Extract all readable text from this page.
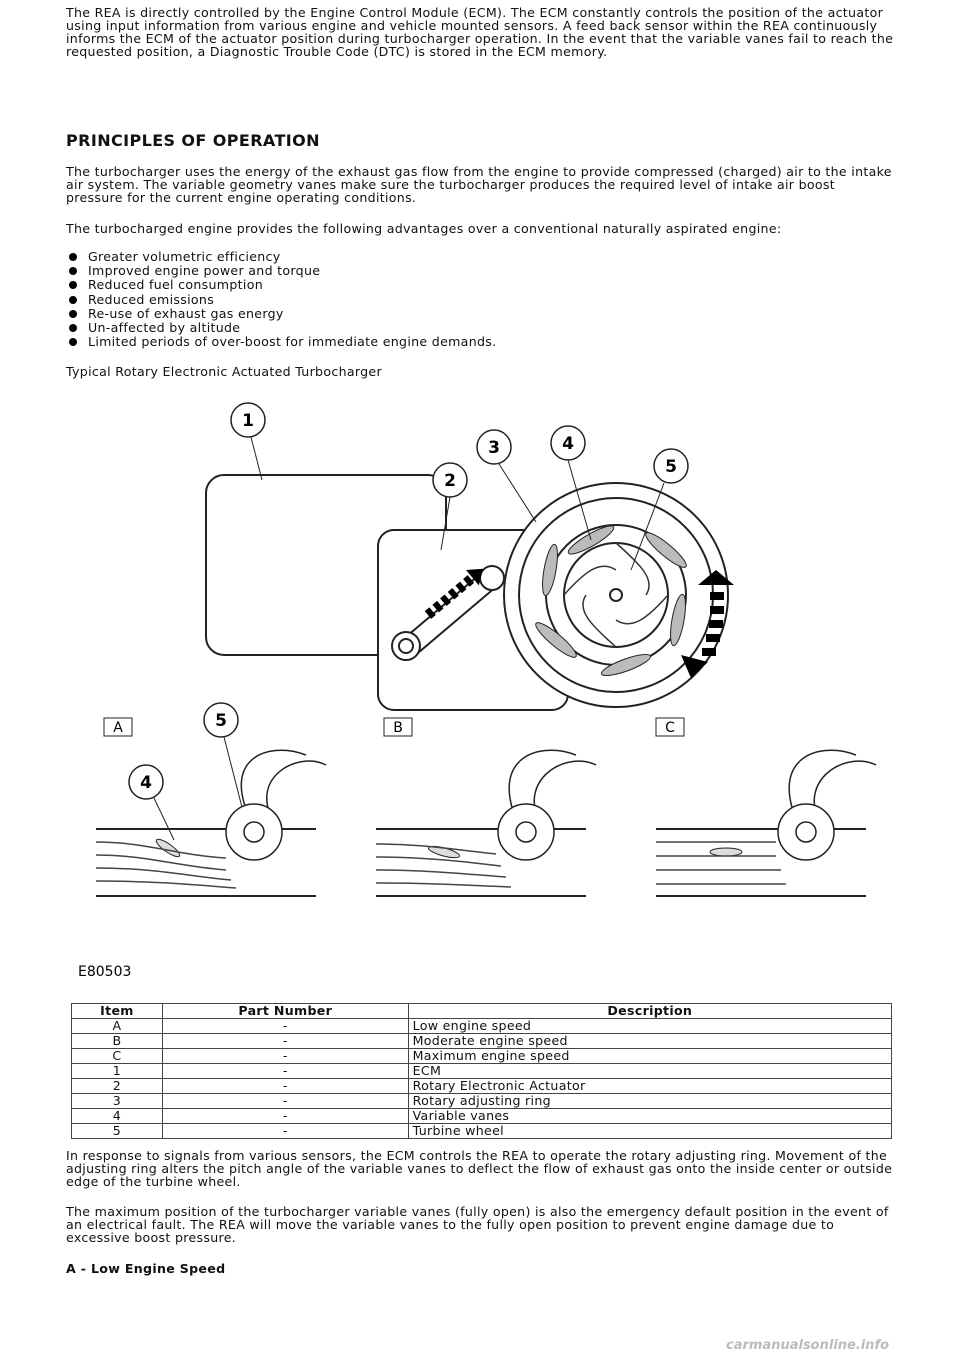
The REA is directly controlled by the Engine Control Module (ECM). The ECM constantly controls the position of the actuator using input information from various engine and vehicle mounted sensors. A feed back sensor within the REA continuously informs the ECM of the actuator position during turbocharger operation. In the event that the variable vanes fail to reach the requested position, a Diagnostic Trouble Code (DTC) is stored in the ECM memory.

PRINCIPLES OF OPERATION

The turbocharger uses the energy of the exhaust gas flow from the engine to provide compressed (charged) air to the intake air system. The variable geometry vanes make sure the turbocharger produces the required level of intake air boost pressure for the current engine operating conditions.

The turbocharged engine provides the following advantages over a conventional naturally aspirated engine:

Greater volumetric efficiency
Improved engine power and torque
Reduced fuel consumption
Reduced emissions
Re-use of exhaust gas energy
Un-affected by altitude
Limited periods of over-boost for immediate engine demands.
Typical Rotary Electronic Actuated Turbocharger
1
2
3	4
5
A	B	C
5
4
E80503
Item	Part Number	Description
A	-	Low engine speed
B	-	Moderate engine speed
C	-	Maximum engine speed
1	-	ECM
2	-	Rotary Electronic Actuator
3	-	Rotary adjusting ring
4	-	Variable vanes
5	-	Turbine wheel

In response to signals from various sensors, the ECM controls the REA to operate the rotary adjusting ring. Movement of the adjusting ring alters the pitch angle of the variable vanes to deflect the flow of exhaust gas onto the inside center or outside edge of the turbine wheel.

The maximum position of the turbocharger variable vanes (fully open) is also the emergency default position in the event of an electrical fault. The REA will move the variable vanes to the fully open position to prevent engine damage due to excessive boost pressure.

A - Low Engine Speed
carmanualsonline.info
